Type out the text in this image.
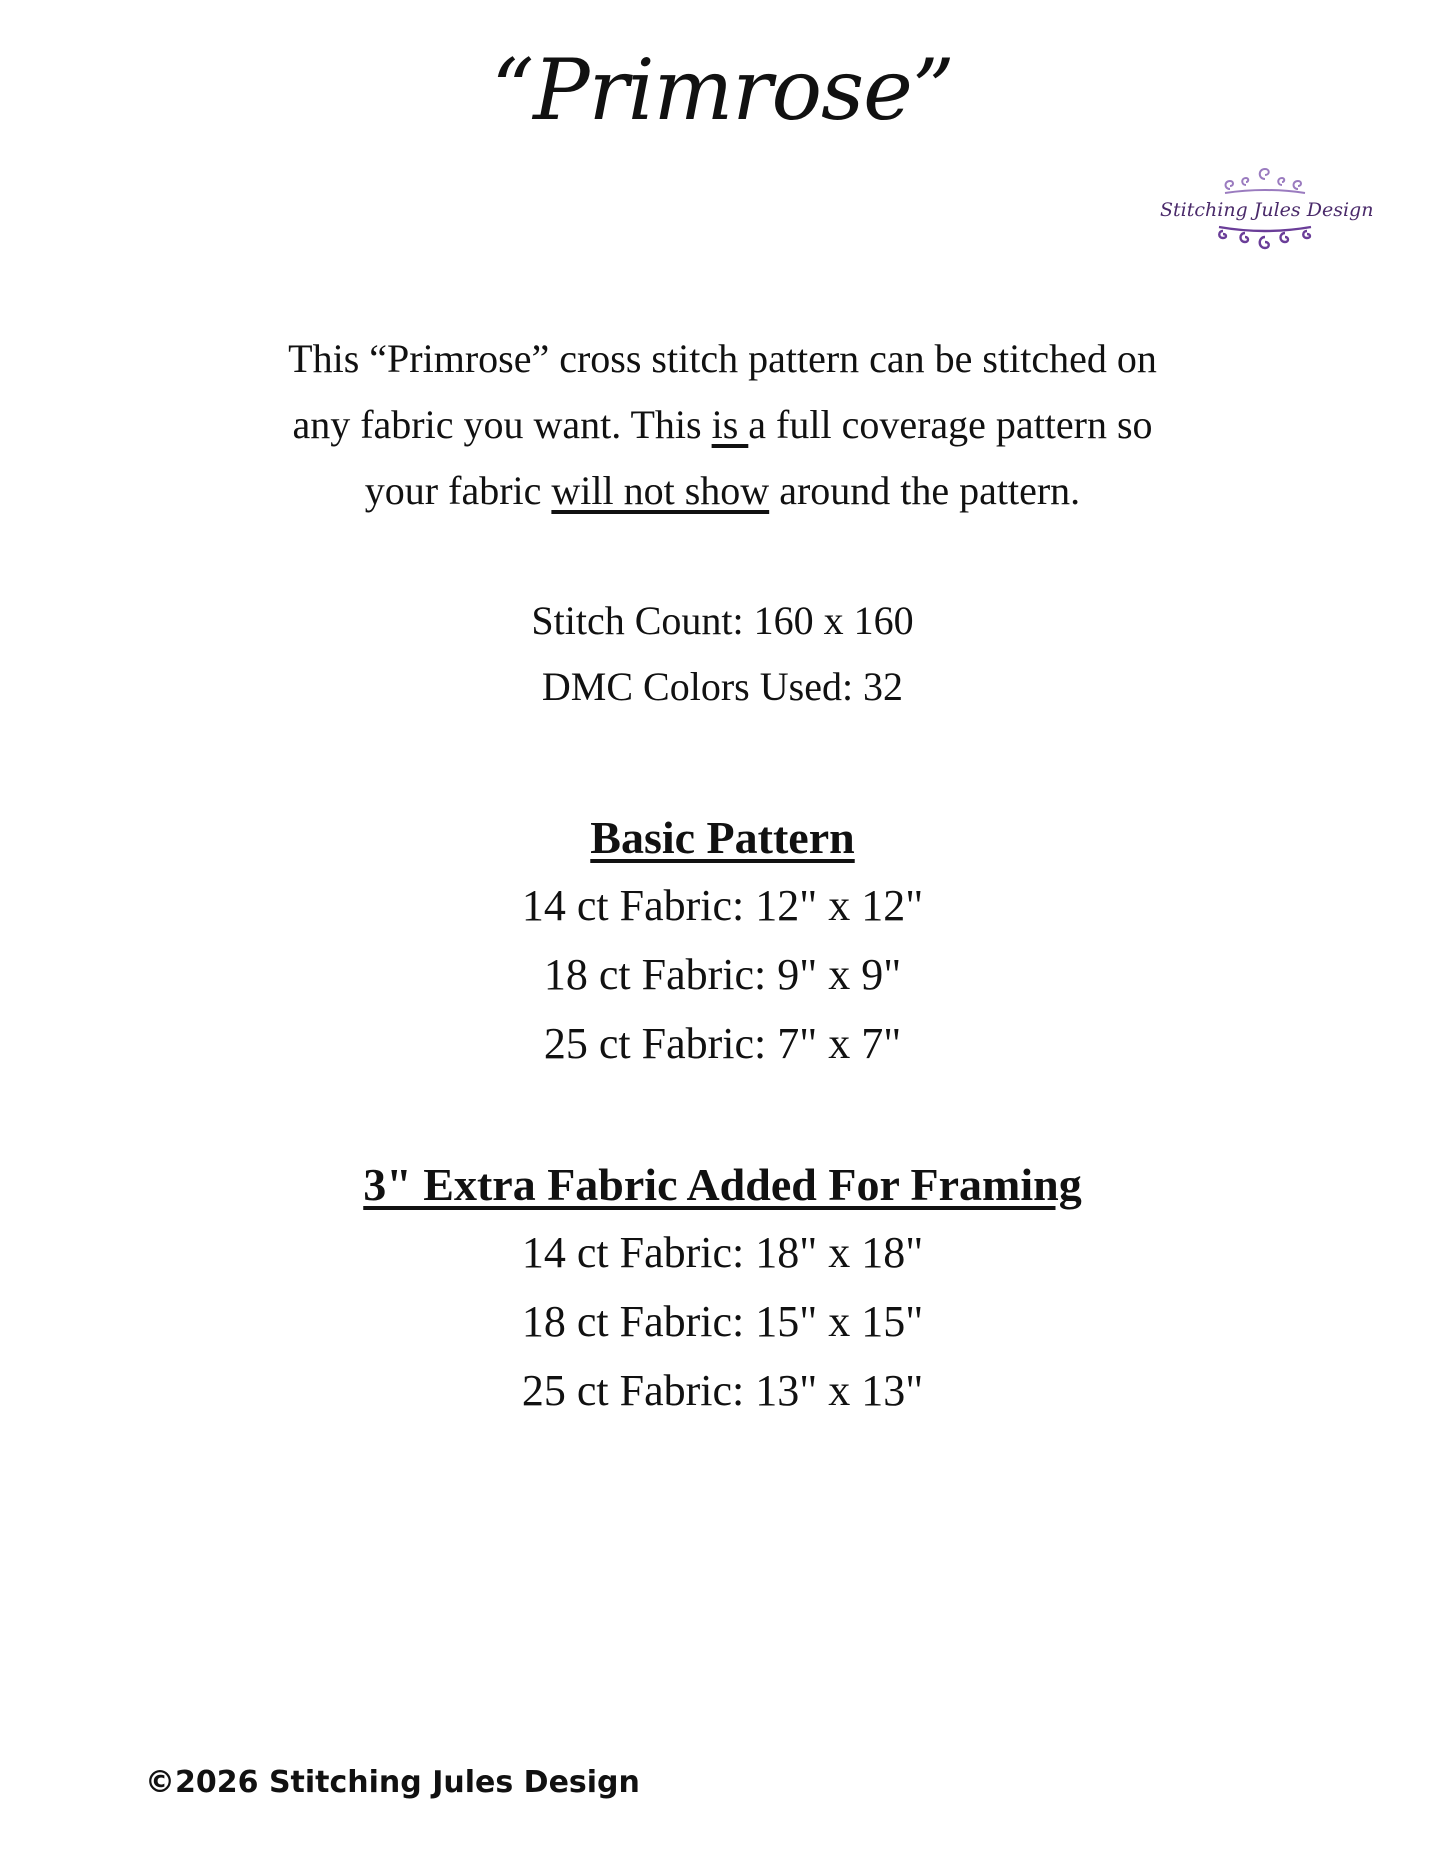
“Primrose”
Stitching Jules Design
This “Primrose” cross stitch pattern can be stitched on
any fabric you want. This is a full coverage pattern so
your fabric will not show around the pattern.
Stitch Count: 160 x 160
DMC Colors Used: 32
Basic Pattern
14 ct Fabric: 12" x 12"
18 ct Fabric: 9" x 9"
25 ct Fabric: 7" x 7"
3" Extra Fabric Added For Framing
14 ct Fabric: 18" x 18"
18 ct Fabric: 15" x 15"
25 ct Fabric: 13" x 13"
©2026 Stitching Jules Design
